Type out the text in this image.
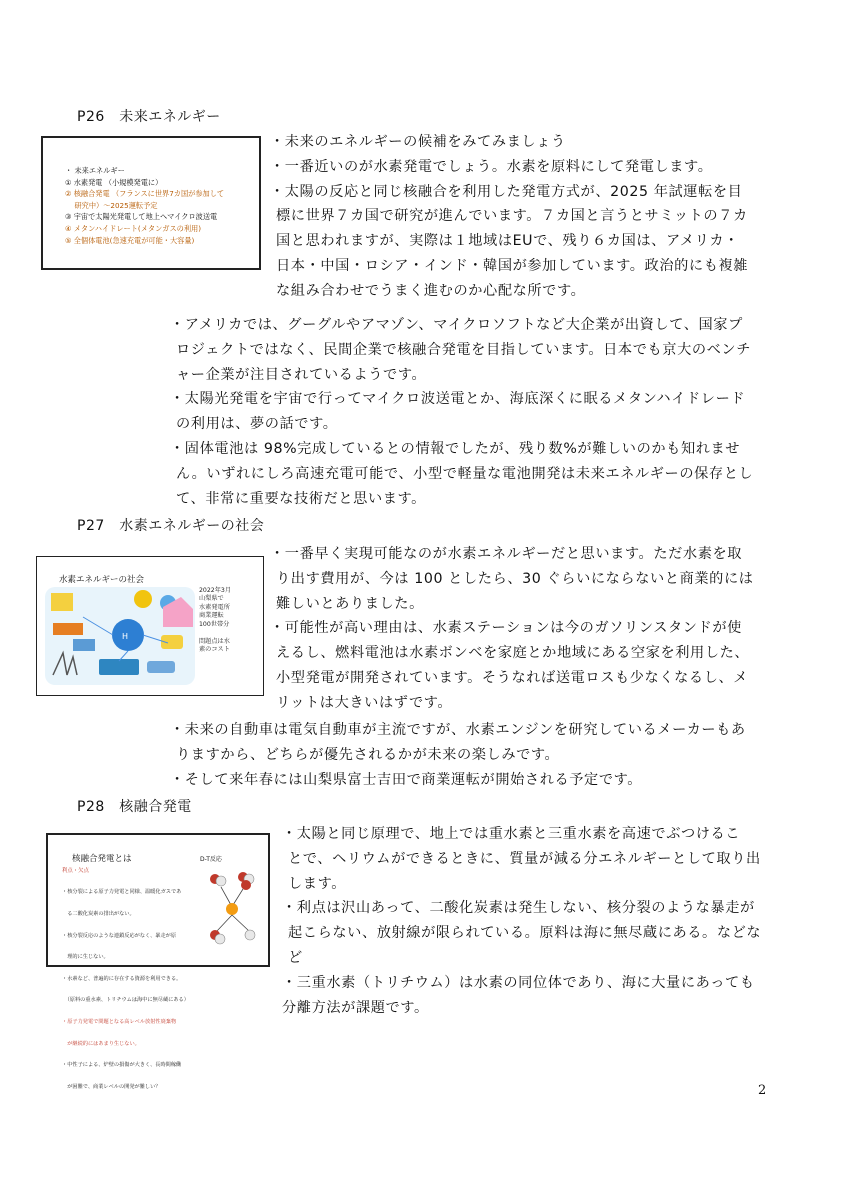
P26　未来エネルギー
・ 未来エネルギー
① 水素発電 （小規模発電に）
② 核融合発電 （フランスに世界7カ国が参加して
　 研究中）～2025運転予定
③ 宇宙で太陽光発電して地上へマイクロ波送電
④ メタンハイドレート(メタンガスの利用)
⑤ 全個体電池(急速充電が可能・大容量)
・未来のエネルギーの候補をみてみましょう
・一番近いのが水素発電でしょう。水素を原料にして発電します。
・太陽の反応と同じ核融合を利用した発電方式が、2025 年試運転を目
標に世界７カ国で研究が進んでいます。７カ国と言うとサミットの７カ
国と思われますが、実際は１地域はEUで、残り６カ国は、アメリカ・
日本・中国・ロシア・インド・韓国が参加しています。政治的にも複雑
な組み合わせでうまく進むのか心配な所です。
・アメリカでは、グーグルやアマゾン、マイクロソフトなど大企業が出資して、国家プ
ロジェクトではなく、民間企業で核融合発電を目指しています。日本でも京大のベンチ
ャー企業が注目されているようです。
・太陽光発電を宇宙で行ってマイクロ波送電とか、海底深くに眠るメタンハイドレード
の利用は、夢の話です。
・固体電池は 98%完成しているとの情報でしたが、残り数%が難しいのかも知れませ
ん。いずれにしろ高速充電可能で、小型で軽量な電池開発は未来エネルギーの保存とし
て、非常に重要な技術だと思います。
P27　水素エネルギーの社会
水素エネルギーの社会
H
2022年3月
山梨県で
水素発電所
商業運転
100世帯分
問題点は水
素のコスト
・一番早く実現可能なのが水素エネルギーだと思います。ただ水素を取
り出す費用が、今は 100 としたら、30 ぐらいにならないと商業的には
難しいとありました。
・可能性が高い理由は、水素ステーションは今のガソリンスタンドが使
えるし、燃料電池は水素ボンベを家庭とか地域にある空家を利用した、
小型発電が開発されています。そうなれば送電ロスも少なくなるし、メ
リットは大きいはずです。
・未来の自動車は電気自動車が主流ですが、水素エンジンを研究しているメーカーもあ
りますから、どちらが優先されるかが未来の楽しみです。
・そして来年春には山梨県富士吉田で商業運転が開始される予定です。
P28　核融合発電
核融合発電とは	D-T反応
利点・欠点

・核分裂による原子力発電と同様、温暖化ガスであ

　る二酸化炭素の排出がない。

・核分裂反応のような連鎖反応がなく、暴走が原

　理的に生じない。

・水素など、普遍的に存在する資源を利用できる。

　（原料の重水素、トリチウムは海中に無尽蔵にある）

・原子力発電で問題となる高レベル放射性廃棄物

　が継続的にはあまり生じない。

・中性子による、炉壁の損傷が大きく、長時間稼働

　が困難で、商業レベルの開発が難しい？

・太陽と同じ原理で、地上では重水素と三重水素を高速でぶつけるこ
とで、ヘリウムができるときに、質量が減る分エネルギーとして取り出
します。
・利点は沢山あって、二酸化炭素は発生しない、核分裂のような暴走が
起こらない、放射線が限られている。原料は海に無尽蔵にある。などな
ど
・三重水素（トリチウム）は水素の同位体であり、海に大量にあっても
分離方法が課題です。
2
